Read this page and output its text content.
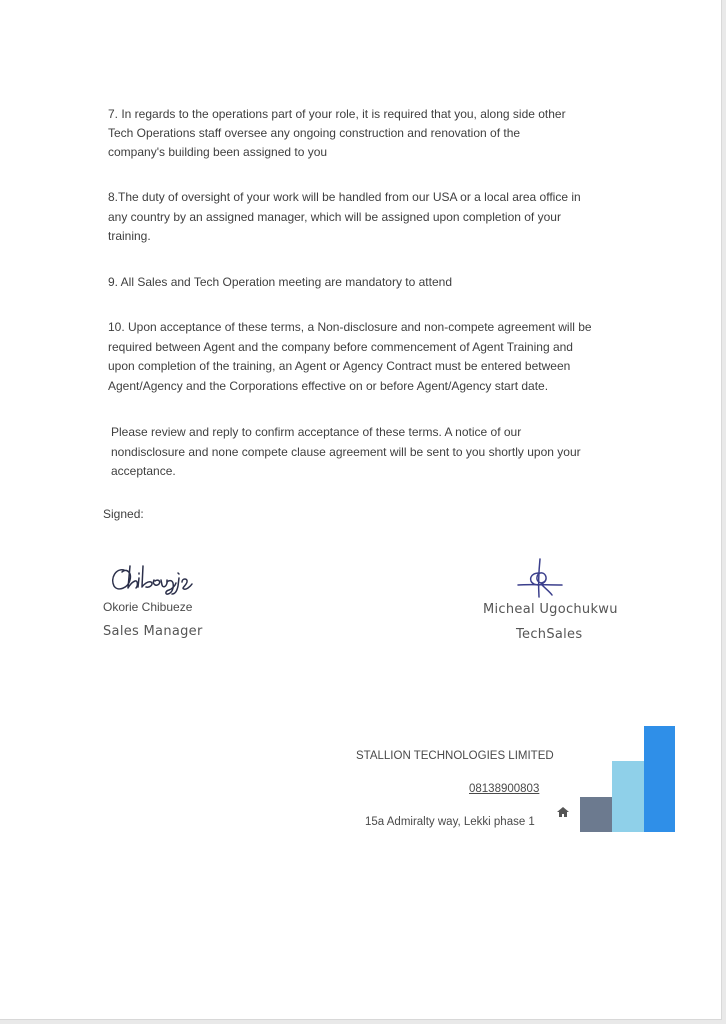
7. In regards to the operations part of your role, it is required that you, along side other
Tech Operations staff oversee any ongoing construction and renovation of the
company's building been assigned to you

8.The duty of oversight of your work will be handled from our USA or a local area office in
any country by an assigned manager, which will be assigned upon completion of your
training.

9. All Sales and Tech Operation meeting are mandatory to attend

10. Upon acceptance of these terms, a Non-disclosure and non-compete agreement will be
required between Agent and the company before commencement of Agent Training and
upon completion of the training, an Agent or Agency Contract must be entered between
Agent/Agency and the Corporations effective on or before Agent/Agency start date.

Please review and reply to confirm acceptance of these terms. A notice of our
nondisclosure and none compete clause agreement will be sent to you shortly upon your
acceptance.

Signed:

Okorie Chibueze

Sales Manager

Micheal Ugochukwu

TechSales

STALLION TECHNOLOGIES LIMITED

08138900803

15a Admiralty way, Lekki phase 1
